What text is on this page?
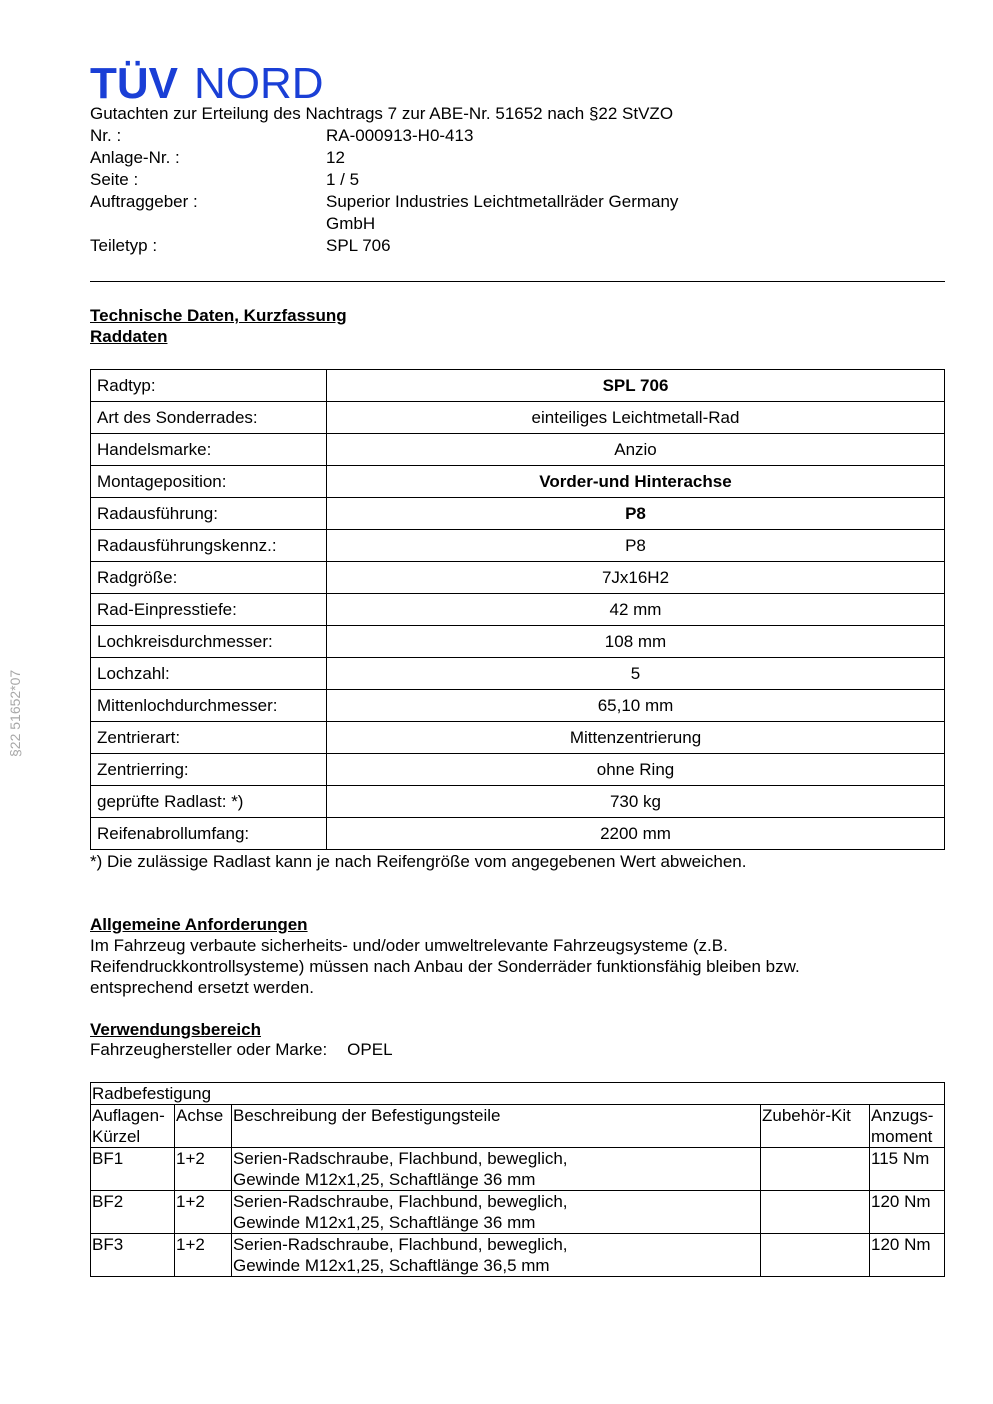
TÜV NORD
§22 51652*07
Gutachten zur Erteilung des Nachtrags 7 zur ABE-Nr. 51652 nach §22 StVZO
Nr. :	RA-000913-H0-413
Anlage-Nr. :	12
Seite :	1 / 5
Auftraggeber :	Superior Industries Leichtmetallräder Germany GmbH
Teiletyp :	SPL 706
Technische Daten, Kurzfassung
Raddaten
Radtyp:	SPL 706
Art des Sonderrades:	einteiliges Leichtmetall-Rad
Handelsmarke:	Anzio
Montageposition:	Vorder-und Hinterachse
Radausführung:	P8
Radausführungskennz.:	P8
Radgröße:	7Jx16H2
Rad-Einpresstiefe:	42 mm
Lochkreisdurchmesser:	108 mm
Lochzahl:	5
Mittenlochdurchmesser:	65,10 mm
Zentrierart:	Mittenzentrierung
Zentrierring:	ohne Ring
geprüfte Radlast: *)	730 kg
Reifenabrollumfang:	2200 mm
*) Die zulässige Radlast kann je nach Reifengröße vom angegebenen Wert abweichen.
Allgemeine Anforderungen
Im Fahrzeug verbaute sicherheits- und/oder umweltrelevante Fahrzeugsysteme (z.B. Reifendruckkontrollsysteme) müssen nach Anbau der Sonderräder funktionsfähig bleiben bzw. entsprechend ersetzt werden.
Verwendungsbereich
Fahrzeughersteller oder Marke: OPEL
Radbefestigung				
Auflagen-
Kürzel	Achse	Beschreibung der Befestigungsteile	Zubehör-Kit	Anzugs-
moment
BF1	1+2	Serien-Radschraube, Flachbund, beweglich,
Gewinde M12x1,25, Schaftlänge 36 mm		115 Nm
BF2	1+2	Serien-Radschraube, Flachbund, beweglich,
Gewinde M12x1,25, Schaftlänge 36 mm		120 Nm
BF3	1+2	Serien-Radschraube, Flachbund, beweglich,
Gewinde M12x1,25, Schaftlänge 36,5 mm		120 Nm
